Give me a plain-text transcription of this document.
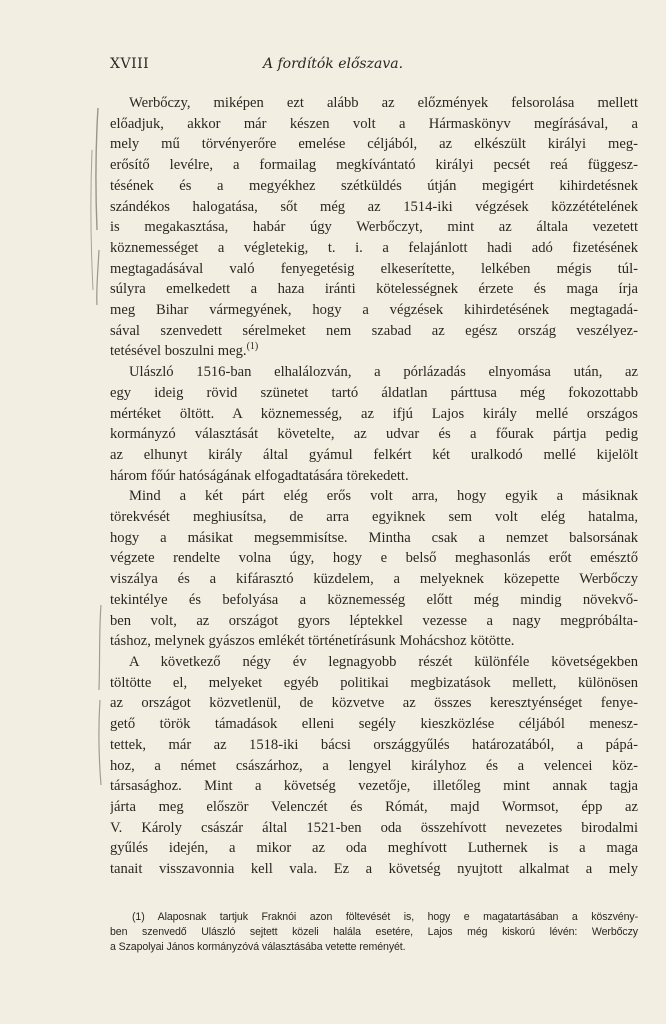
XVIII	A fordítók előszava.
Werbőczy, miképen ezt alább az előzmények felsorolása mellett
előadjuk, akkor már készen volt a Hármaskönyv megírásával, a
mely mű törvényerőre emelése céljából, az elkészült királyi meg-
erősítő levélre, a formailag megkívántató királyi pecsét reá függesz-
tésének és a megyékhez szétküldés útján megigért kihirdetésnek
szándékos halogatása, sőt még az 1514-iki végzések közzétételének
is megakasztása, habár úgy Werbőczyt, mint az általa vezetett
köznemességet a végletekig, t. i. a felajánlott hadi adó fizetésének
megtagadásával való fenyegetésig elkeserítette, lelkében mégis túl-
súlyra emelkedett a haza iránti kötelességnek érzete és maga írja
meg Bihar vármegyének, hogy a végzések kihirdetésének megtagadá-
sával szenvedett sérelmeket nem szabad az egész ország veszélyez-
tetésével boszulni meg.$^{(1)}$
Ulászló 1516-ban elhalálozván, a pórlázadás elnyomása után, az
egy ideig rövid szünetet tartó áldatlan párttusa még fokozottabb
mértéket öltött. A köznemesség, az ifjú Lajos király mellé országos
kormányzó választását követelte, az udvar és a főurak pártja pedig
az elhunyt király által gyámul felkért két uralkodó mellé kijelölt
három főúr hatóságának elfogadtatására törekedett.
Mind a két párt elég erős volt arra, hogy egyik a másiknak
törekvését meghiusítsa, de arra egyiknek sem volt elég hatalma,
hogy a másikat megsemmisítse. Mintha csak a nemzet balsorsának
végzete rendelte volna úgy, hogy e belső meghasonlás erőt emésztő
viszálya és a kifárasztó küzdelem, a melyeknek közepette Werbőczy
tekintélye és befolyása a köznemesség előtt még mindig növekvő-
ben volt, az országot gyors léptekkel vezesse a nagy megpróbálta-
táshoz, melynek gyászos emlékét történetírásunk Mohácshoz kötötte.
A következő négy év legnagyobb részét különféle követségekben
töltötte el, melyeket egyéb politikai megbizatások mellett, különösen
az országot közvetlenül, de közvetve az összes keresztyénséget fenye-
gető török támadások elleni segély kieszközlése céljából menesz-
tettek, már az 1518-iki bácsi országgyűlés határozatából, a pápá-
hoz, a német császárhoz, a lengyel királyhoz és a velencei köz-
társasághoz. Mint a követség vezetője, illetőleg mint annak tagja
járta meg először Velenczét és Rómát, majd Wormsot, épp az
V. Károly császár által 1521-ben oda összehívott nevezetes birodalmi
gyűlés idején, a mikor az oda meghívott Luthernek is a maga
tanait visszavonnia kell vala. Ez a követség nyujtott alkalmat a mely
(1) Alaposnak tartjuk Fraknói azon föltevését is, hogy e magatartásában a köszvény-
ben szenvedő Ulászló sejtett közeli halála esetére, Lajos még kiskorú lévén: Werbőczy
a Szapolyai János kormányzóvá választásába vetette reményét.
